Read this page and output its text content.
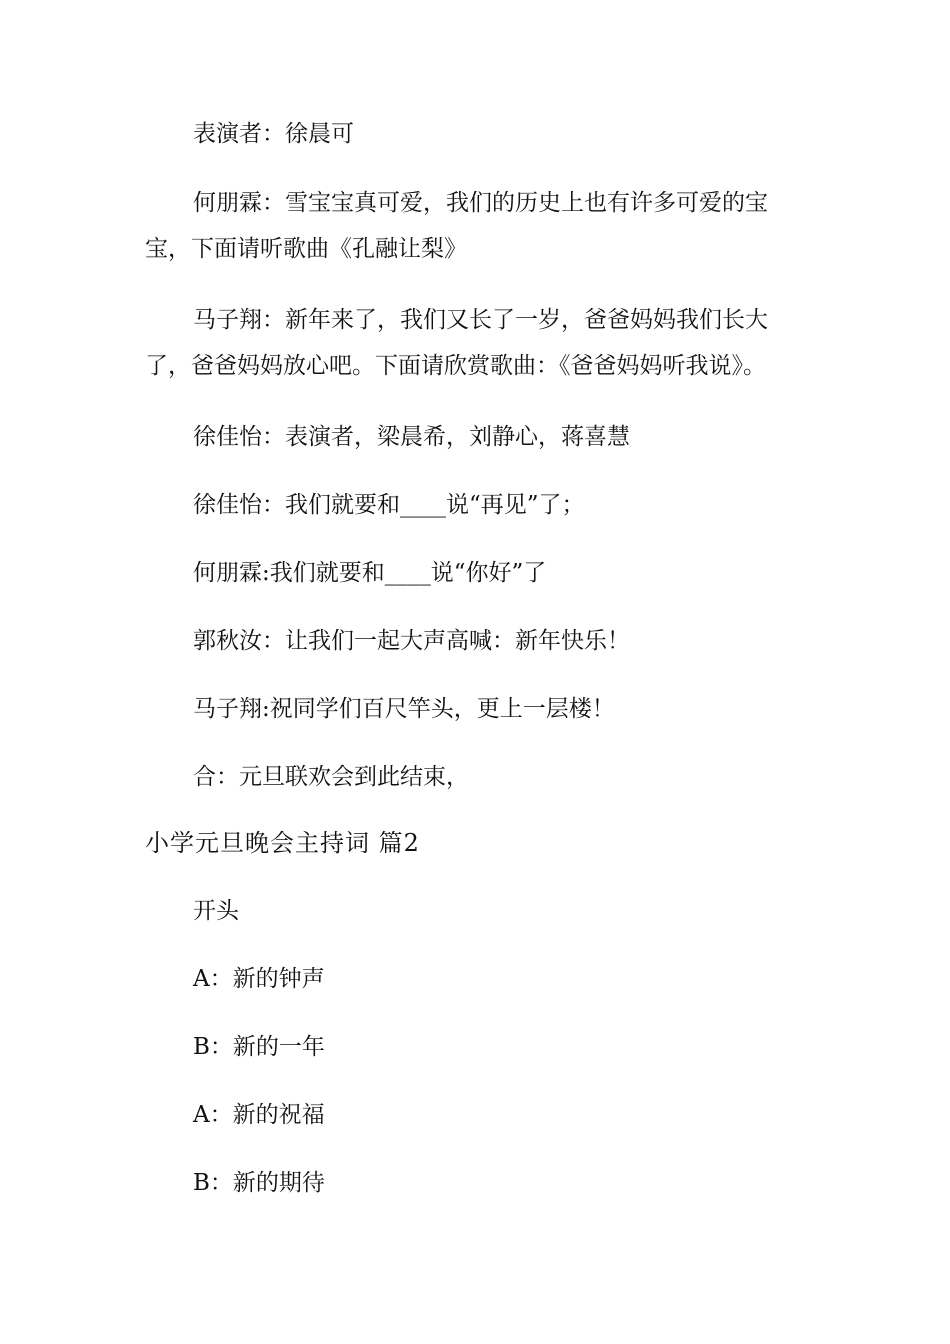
表演者：徐晨可

何朋霖：雪宝宝真可爱，我们的历史上也有许多可爱的宝宝，下面请听歌曲《孔融让梨》

马子翔：新年来了，我们又长了一岁，爸爸妈妈我们长大了，爸爸妈妈放心吧。下面请欣赏歌曲：《爸爸妈妈听我说》。

徐佳怡：表演者，梁晨希，刘静心，蒋喜慧

徐佳怡：我们就要和____说“再见”了；

何朋霖:我们就要和____说“你好”了

郭秋汝：让我们一起大声高喊：新年快乐！

马子翔:祝同学们百尺竿头，更上一层楼！

合：元旦联欢会到此结束，

小学元旦晚会主持词 篇2

开头

A：新的钟声

B：新的一年

A：新的祝福

B：新的期待
